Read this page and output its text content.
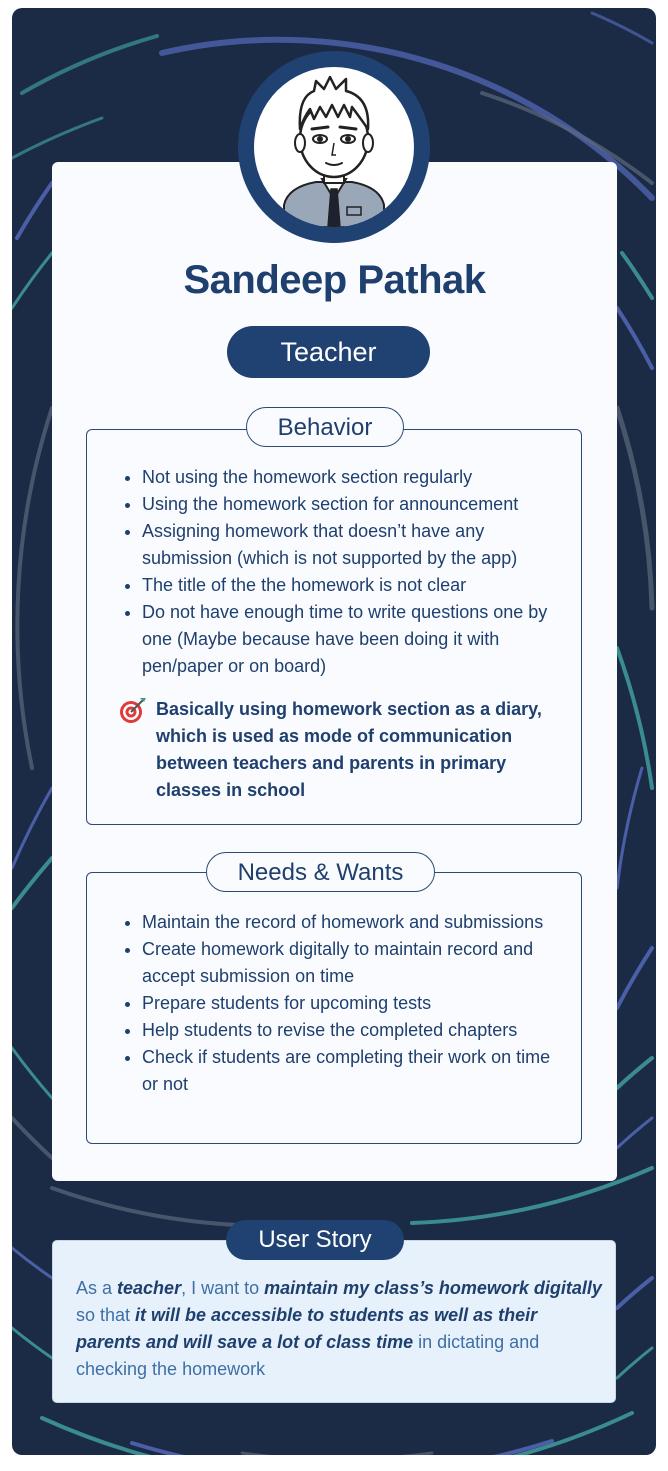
Sandeep Pathak
Teacher
Behavior
• Not using the homework section regularly
• Using the homework section for announcement
• Assigning homework that doesn’t have any submission (which is not supported by the app)
• The title of the the homework is not clear
• Do not have enough time to write questions one by one (Maybe because have been doing it with pen/paper or on board)
Basically using homework section as a diary, which is used as mode of communication between teachers and parents in primary classes in school
Needs & Wants
• Maintain the record of homework and submissions
• Create homework digitally to maintain record and accept submission on time
• Prepare students for upcoming tests
• Help students to revise the completed chapters
• Check if students are completing their work on time or not
User Story
As a teacher, I want to maintain my class’s homework digitally so that it will be accessible to students as well as their parents and will save a lot of class time in dictating and checking the homework
